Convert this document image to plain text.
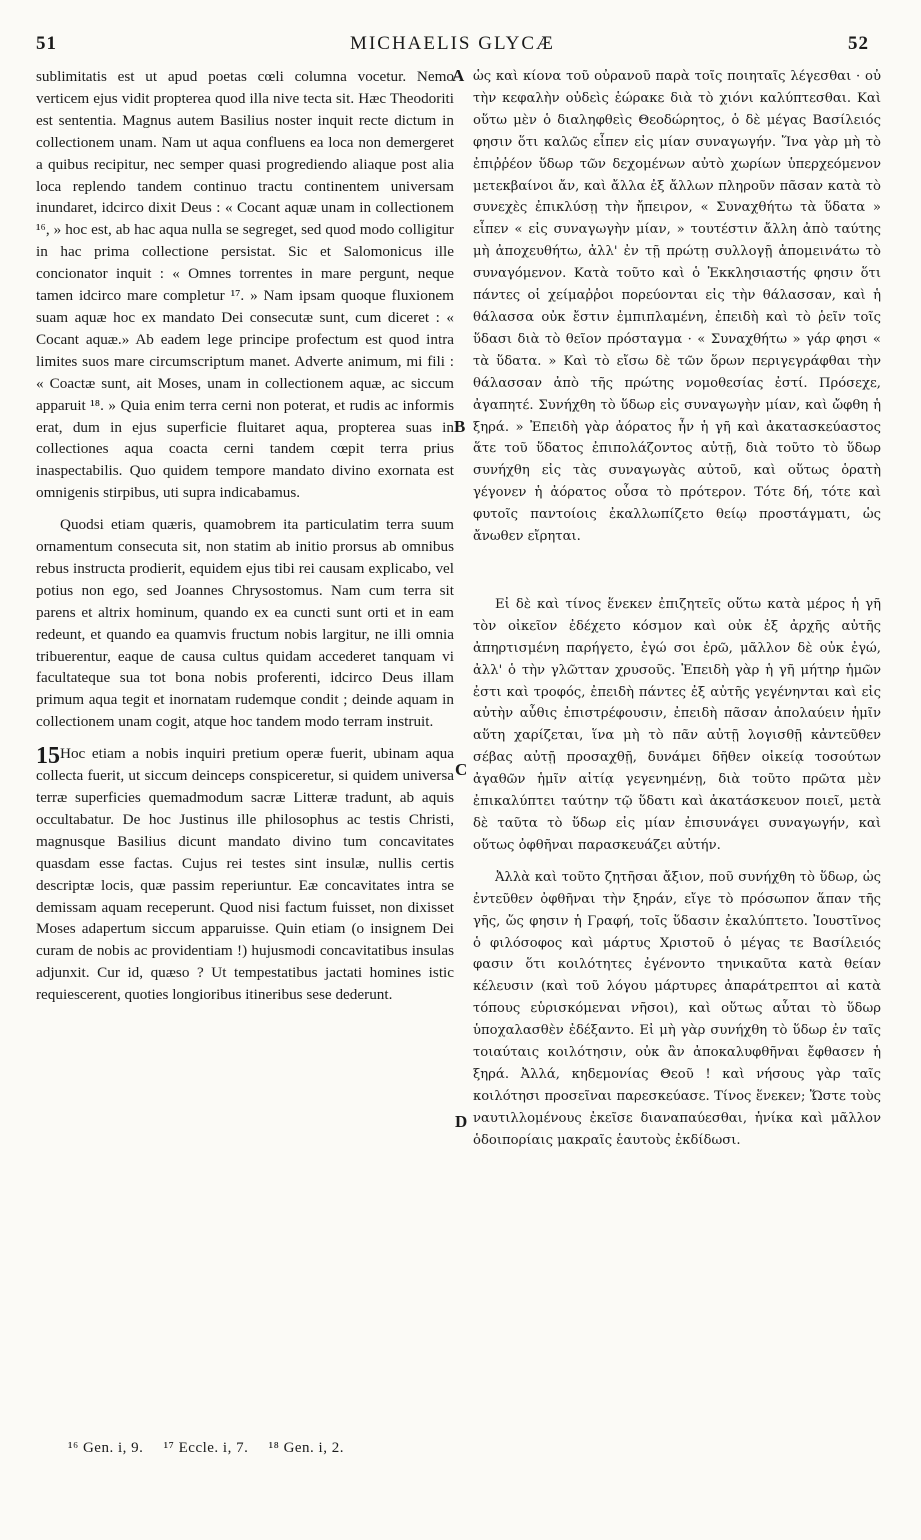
51	MICHAELIS GLYCÆ	52
A
B
C
D

sublimitatis est ut apud poetas cœli columna vocetur. Nemo verticem ejus vidit propterea quod illa nive tecta sit. Hæc Theodoriti est sententia. Magnus autem Basilius noster inquit recte dictum in collectionem unam. Nam ut aqua confluens ea loca non demergeret a quibus recipitur, nec semper quasi progrediendo aliaque post alia loca replendo tandem continuo tractu continentem universam inundaret, idcirco dixit Deus : « Cocant aquæ unam in collectionem ¹⁶, » hoc est, ab hac aqua nulla se segreget, sed quod modo colligitur in hac prima collectione persistat. Sic et Salomonicus ille concionator inquit : « Omnes torrentes in mare pergunt, neque tamen idcirco mare completur ¹⁷. » Nam ipsam quoque fluxionem suam aquæ hoc ex mandato Dei consecutæ sunt, cum diceret : « Cocant aquæ.» Ab eadem lege principe profectum est quod intra limites suos mare circumscriptum manet. Adverte animum, mi fili : « Coactæ sunt, ait Moses, unam in collectionem aquæ, ac siccum apparuit ¹⁸. » Quia enim terra cerni non poterat, et rudis ac informis erat, dum in ejus superficie fluitaret aqua, propterea suas in collectiones aqua coacta cerni tandem cœpit terra prius inaspectabilis. Quo quidem tempore mandato divino exornata est omnigenis stirpibus, uti supra indicabamus.

Quodsi etiam quæris, quamobrem ita particulatim terra suum ornamentum consecuta sit, non statim ab initio prorsus ab omnibus rebus instructa prodierit, equidem ejus tibi rei causam explicabo, vel potius non ego, sed Joannes Chrysostomus. Nam cum terra sit parens et altrix hominum, quando ex ea cuncti sunt orti et in eam redeunt, et quando ea quamvis fructum nobis largitur, ne illi omnia tribuerentur, eaque de causa cultus quidam accederet tanquam vi facultateque sua tot bona nobis proferenti, idcirco Deus illam primum aqua tegit et inornatam rudemque condit ; deinde aquam in collectionem unam cogit, atque hoc tandem modo terram instruit.

Hoc etiam a nobis inquiri pretium operæ fuerit, ubinam aqua collecta fuerit, ut siccum deinceps conspiceretur, si quidem universa terræ superficies quemadmodum sacræ Litteræ tradunt, ab aquis occultabatur. De hoc Justinus ille philosophus ac testis Christi, magnusque Basilius dicunt mandato divino tum concavitates quasdam esse factas. Cujus rei testes sint insulæ, nullis certis descriptæ locis, quæ passim reperiuntur. Eæ concavitates intra se demissam aquam receperunt. Quod nisi factum fuisset, non dixisset Moses adapertum siccum apparuisse. Quin etiam (o insignem Dei curam de nobis ac providentiam !) hujusmodi concavitatibus insulas adjunxit. Cur id, quæso ? Ut tempestatibus jactati homines istic requiescerent, quoties longioribus itineribus sese dederunt.

15

ὡς καὶ κίονα τοῦ οὐρανοῦ παρὰ τοῖς ποιηταῖς λέγεσθαι · οὐ τὴν κεφαλὴν οὐδεὶς ἑώρακε διὰ τὸ χιόνι καλύπτεσθαι. Καὶ οὕτω μὲν ὁ διαληφθεὶς Θεοδώρητος, ὁ δὲ μέγας Βασίλειός φησιν ὅτι καλῶς εἶπεν εἰς μίαν συναγωγήν. Ἵνα γὰρ μὴ τὸ ἐπιῤῥέον ὕδωρ τῶν δεχομένων αὐτὸ χωρίων ὑπερχεόμενον μετεκβαίνοι ἄν, καὶ ἄλλα ἐξ ἄλλων πληροῦν πᾶσαν κατὰ τὸ συνεχὲς ἐπικλύσῃ τὴν ἤπειρον, « Συναχθήτω τὰ ὕδατα » εἶπεν « εἰς συναγωγὴν μίαν, » τουτέστιν ἄλλη ἀπὸ ταύτης μὴ ἀποχευθήτω, ἀλλ' ἐν τῇ πρώτῃ συλλογῇ ἀπομεινάτω τὸ συναγόμενον. Κατὰ τοῦτο καὶ ὁ Ἐκκλησιαστής φησιν ὅτι πάντες οἱ χείμαῤῥοι πορεύονται εἰς τὴν θάλασσαν, καὶ ἡ θάλασσα οὐκ ἔστιν ἐμπιπλαμένη, ἐπειδὴ καὶ τὸ ῥεῖν τοῖς ὕδασι διὰ τὸ θεῖον πρόσταγμα · « Συναχθήτω » γάρ φησι « τὰ ὕδατα. » Καὶ τὸ εἴσω δὲ τῶν ὅρων περιγεγράφθαι τὴν θάλασσαν ἀπὸ τῆς πρώτης νομοθεσίας ἐστί. Πρόσεχε, ἀγαπητέ. Συνήχθη τὸ ὕδωρ εἰς συναγωγὴν μίαν, καὶ ὤφθη ἡ ξηρά. » Ἐπειδὴ γὰρ ἀόρατος ἦν ἡ γῆ καὶ ἀκατασκεύαστος ἅτε τοῦ ὕδατος ἐπιπολάζοντος αὐτῇ, διὰ τοῦτο τὸ ὕδωρ συνήχθη εἰς τὰς συναγωγὰς αὐτοῦ, καὶ οὕτως ὁρατὴ γέγονεν ἡ ἀόρατος οὖσα τὸ πρότερον. Τότε δή, τότε καὶ φυτοῖς παντοίοις ἐκαλλωπίζετο θείῳ προστάγματι, ὡς ἄνωθεν εἴρηται.

Εἰ δὲ καὶ τίνος ἕνεκεν ἐπιζητεῖς οὕτω κατὰ μέρος ἡ γῆ τὸν οἰκεῖον ἐδέχετο κόσμον καὶ οὐκ ἐξ ἀρχῆς αὐτῆς ἀπηρτισμένη παρήγετο, ἐγώ σοι ἐρῶ, μᾶλλον δὲ οὐκ ἐγώ, ἀλλ' ὁ τὴν γλῶτταν χρυσοῦς. Ἐπειδὴ γὰρ ἡ γῆ μήτηρ ἡμῶν ἐστι καὶ τροφός, ἐπειδὴ πάντες ἐξ αὐτῆς γεγένηνται καὶ εἰς αὐτὴν αὖθις ἐπιστρέφουσιν, ἐπειδὴ πᾶσαν ἀπολαύειν ἡμῖν αὕτη χαρίζεται, ἵνα μὴ τὸ πᾶν αὐτῇ λογισθῇ κἀντεῦθεν σέβας αὐτῇ προσαχθῇ, δυνάμει δῆθεν οἰκείᾳ τοσούτων ἀγαθῶν ἡμῖν αἰτίᾳ γεγενημένῃ, διὰ τοῦτο πρῶτα μὲν ἐπικαλύπτει ταύτην τῷ ὕδατι καὶ ἀκατάσκευον ποιεῖ, μετὰ δὲ ταῦτα τὸ ὕδωρ εἰς μίαν ἐπισυνάγει συναγωγήν, καὶ οὕτως ὀφθῆναι παρασκευάζει αὐτήν.

Ἀλλὰ καὶ τοῦτο ζητῆσαι ἄξιον, ποῦ συνήχθη τὸ ὕδωρ, ὡς ἐντεῦθεν ὀφθῆναι τὴν ξηράν, εἴγε τὸ πρόσωπον ἅπαν τῆς γῆς, ὥς φησιν ἡ Γραφή, τοῖς ὕδασιν ἐκαλύπτετο. Ἰουστῖνος ὁ φιλόσοφος καὶ μάρτυς Χριστοῦ ὁ μέγας τε Βασίλειός φασιν ὅτι κοιλότητες ἐγένοντο τηνικαῦτα κατὰ θείαν κέλευσιν (καὶ τοῦ λόγου μάρτυρες ἀπαράτρεπτοι αἱ κατὰ τόπους εὑρισκόμεναι νῆσοι), καὶ οὕτως αὗται τὸ ὕδωρ ὑποχαλασθὲν ἐδέξαντο. Εἰ μὴ γὰρ συνήχθη τὸ ὕδωρ ἐν ταῖς τοιαύταις κοιλότησιν, οὐκ ἂν ἀποκαλυφθῆναι ἔφθασεν ἡ ξηρά. Ἀλλά, κηδεμονίας Θεοῦ ! καὶ νήσους γὰρ ταῖς κοιλότησι προσεῖναι παρεσκεύασε. Τίνος ἕνεκεν; Ὥστε τοὺς ναυτιλλομένους ἐκεῖσε διαναπαύεσθαι, ἡνίκα καὶ μᾶλλον ὁδοιπορίαις μακραῖς ἑαυτοὺς ἐκδίδωσι.

¹⁶ Gen. i, 9. ¹⁷ Eccle. i, 7. ¹⁸ Gen. i, 2.
